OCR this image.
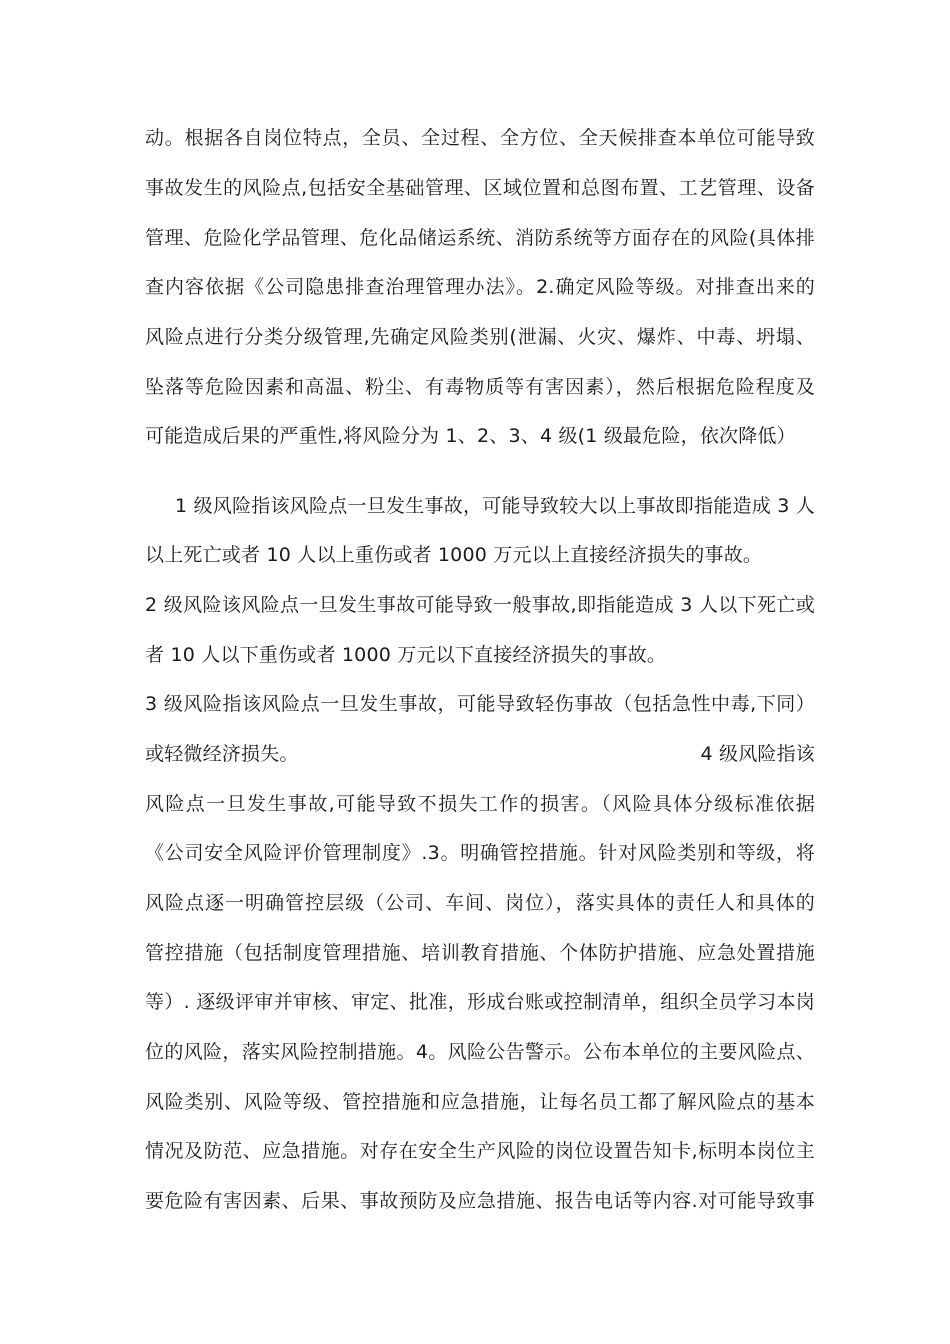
动。根据各自岗位特点，全员、全过程、全方位、全天候排查本单位可能导致
事故发生的风险点,包括安全基础管理、区域位置和总图布置、工艺管理、设备
管理、危险化学品管理、危化品储运系统、消防系统等方面存在的风险(具体排
查内容依据《公司隐患排查治理管理办法》。2.确定风险等级。对排查出来的
风险点进行分类分级管理,先确定风险类别(泄漏、火灾、爆炸、中毒、坍塌、
坠落等危险因素和高温、粉尘、有毒物质等有害因素），然后根据危险程度及
可能造成后果的严重性,将风险分为 1、2、3、4 级(1 级最危险，依次降低）
1 级风险指该风险点一旦发生事故，可能导致较大以上事故即指能造成 3 人
以上死亡或者 10 人以上重伤或者 1000 万元以上直接经济损失的事故。
2 级风险该风险点一旦发生事故可能导致一般事故,即指能造成 3 人以下死亡或
者 10 人以下重伤或者 1000 万元以下直接经济损失的事故。
3 级风险指该风险点一旦发生事故，可能导致轻伤事故（包括急性中毒,下同）
或轻微经济损失。	4 级风险指该
风险点一旦发生事故,可能导致不损失工作的损害。（风险具体分级标准依据
《公司安全风险评价管理制度》.3。明确管控措施。针对风险类别和等级，将
风险点逐一明确管控层级（公司、车间、岗位），落实具体的责任人和具体的
管控措施（包括制度管理措施、培训教育措施、个体防护措施、应急处置措施
等）. 逐级评审并审核、审定、批准，形成台账或控制清单，组织全员学习本岗
位的风险，落实风险控制措施。4。风险公告警示。公布本单位的主要风险点、
风险类别、风险等级、管控措施和应急措施，让每名员工都了解风险点的基本
情况及防范、应急措施。对存在安全生产风险的岗位设置告知卡,标明本岗位主
要危险有害因素、后果、事故预防及应急措施、报告电话等内容.对可能导致事
